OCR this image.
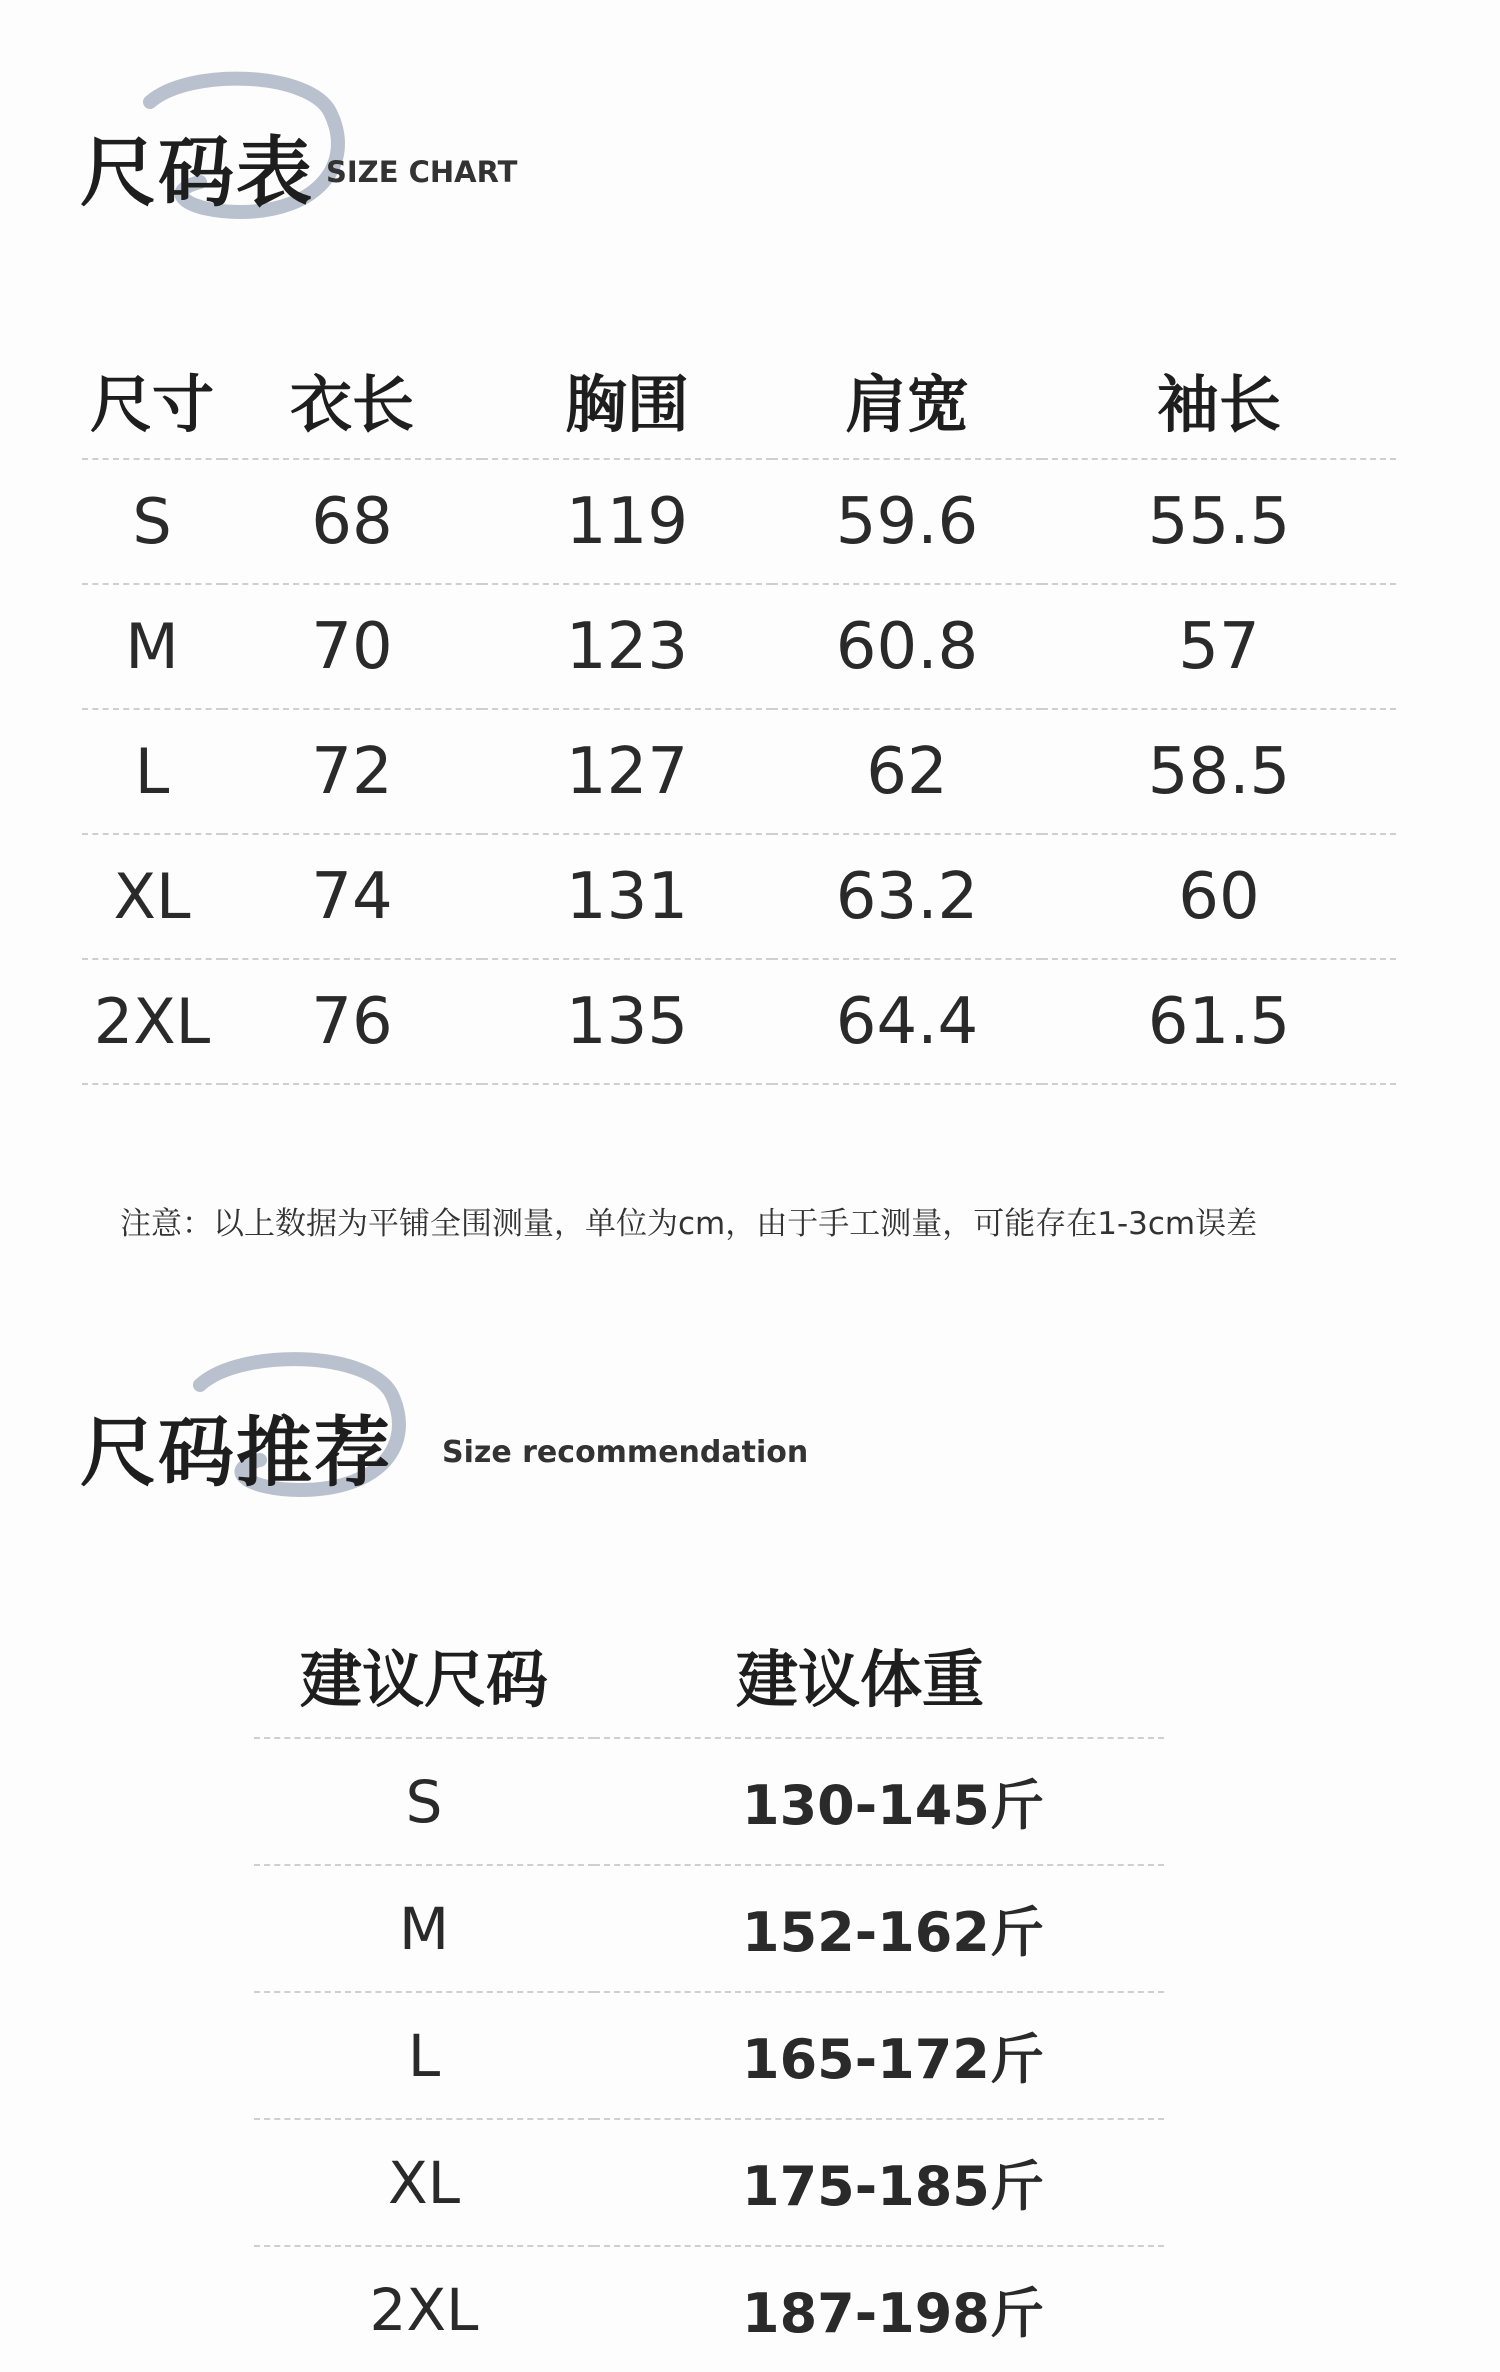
尺码表 SIZE CHART
尺寸	衣长	胸围	肩宽	袖长
S	68	119	59.6	55.5
M	70	123	60.8	57
L	72	127	62	58.5
XL	74	131	63.2	60
2XL	76	135	64.4	61.5
注意：以上数据为平铺全围测量，单位为cm，由于手工测量，可能存在1-3cm误差
尺码推荐 Size recommendation
建议尺码	建议体重
S	130-145斤
M	152-162斤
L	165-172斤
XL	175-185斤
2XL	187-198斤
